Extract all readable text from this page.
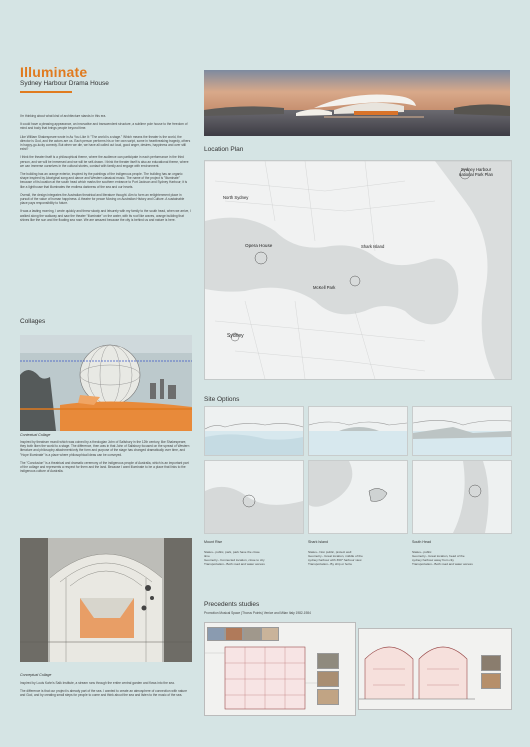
Illuminate
Sydney Harbour Drama House

I'm thinking about what kind of architecture stands in this era.

It could have a pleasing appearance, an innovative and transcendent structure, a sublime pole house to the freedom of mind and body that brings people beyond time.

Like William Shakespeare wrote in As You Like It: "The world is a stage." Which means the theater is the world, the director is God, and the actors are us. Each person performs his or her own script, some in heartbreaking tragedy, others in happy-go-lucky comedy. But when we die, we have all called out loud, good anger, desires, happiness and over still exist?

I think the theater itself is a philosophical theme, where the audience can participate in each performance in the third person, and we will be immersed and we will be self-drawn. I think the theater itself is also an educational theme, where we can immerse ourselves in the cultural stories, contact with family and engage with environment.

The building has an orange exterior, inspired by the paintings of the indigenous people. The building has an organic shape inspired by Aboriginal song and dance and Western classical music. The name of the project is "Illuminate" because of its location at the south head which marks the southern entrance to Port Jackson and Sydney Harbour; it is like a lighthouse that illuminates the endless darkness of the sea and our hearts.

Overall, the design integrates the Australian theatrical and literature thought. Aim to form an enlightenment place in pursuit of the value of human happiness. A theatre for peace Moving on Australian History and Culture. A sustainable place pays responsibility to future.

It was a lasting morning, I wrote quickly and threw slowly and leisurely with my family to the south head, when we arrive, I walked along the walkway and saw the theater "illuminate" on the water, with its roof like waves, orange building that shines like the sun and the floating sea rose. We are amazed because the city is behind us and nature is here.

Location Plan
Sydney Harbour
national Park Plan
North Sydney
Opera House	Shark Island
McKell Park
Sydney
Collages
Contextual Collage

Inspired by theatrum mundi which was coined by a theologian John of Salisbury in the 12th century, like Shakespeare, they both liken the world to a stage. The difference, then was in that John of Salisbury focused on the spread of Western literature and philosophy attachment/only the form and purpose of the stage has changed dramatically over time, and "Hope Illuminate" is a place where philosophical ideas can be conveyed.

The "Conclusion" is a theatrical and dramatic ceremony of the indigenous people of Australia, which is an important part of the collage and represents a respect for them and the land. Because I want Illuminate to be a place that links to the indigenous culture of Australia.

Conceptual Collage

Inspired by Louis Kahn's Salk Institute, a stream runs through the entire central garden and flows into the sea.

The difference is that our project is already part of the sea. I wanted to create an atmosphere of connection with nature and God, and by creating small steps for people to come and think about the sea and listen to the music of the sea.

Site Options
Mount Rise
Status– public, park, park have the close time
Geometry– Connected location, close to city
Transportation– Both road and water access
Shark Island
Status– Non public, protect well
Geometry– Great location, middle of the sydney harbour with 360° harbour view
Transportation– By ship or ferrie
South Head
Status– public
Geometry– Great location, head of the sydney harbour away from city
Transportation– Both road and water access
Precedents studies
Promotion Musical Space (Thorus Points) Venice and Milan Italy 1982-1984
